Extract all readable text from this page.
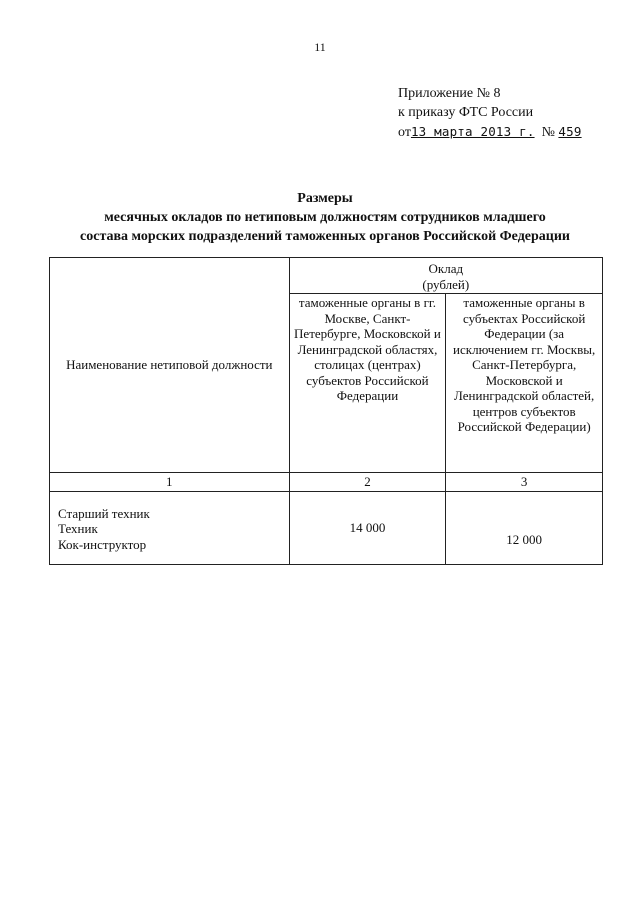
11
Приложение № 8
к приказу ФТС России
от13 марта 2013 г. № 459
Размеры
месячных окладов по нетиповым должностям сотрудников младшего
состава морских подразделений таможенных органов Российской Федерации
Наименование нетиповой должности	Оклад
(рублей)	

	таможенные органы в гг. Москве, Санкт-Петербурге, Московской и Ленинградской областях, столицах (центрах) субъектов Российской Федерации	таможенные органы в субъектах Российской Федерации (за исключением гг. Москвы, Санкт-Петербурга, Московской и Ленинградской областей, центров субъектов Российской Федерации)
1	2	3

Старший техник
Техник
Кок-инструктор	14 000	12 000
